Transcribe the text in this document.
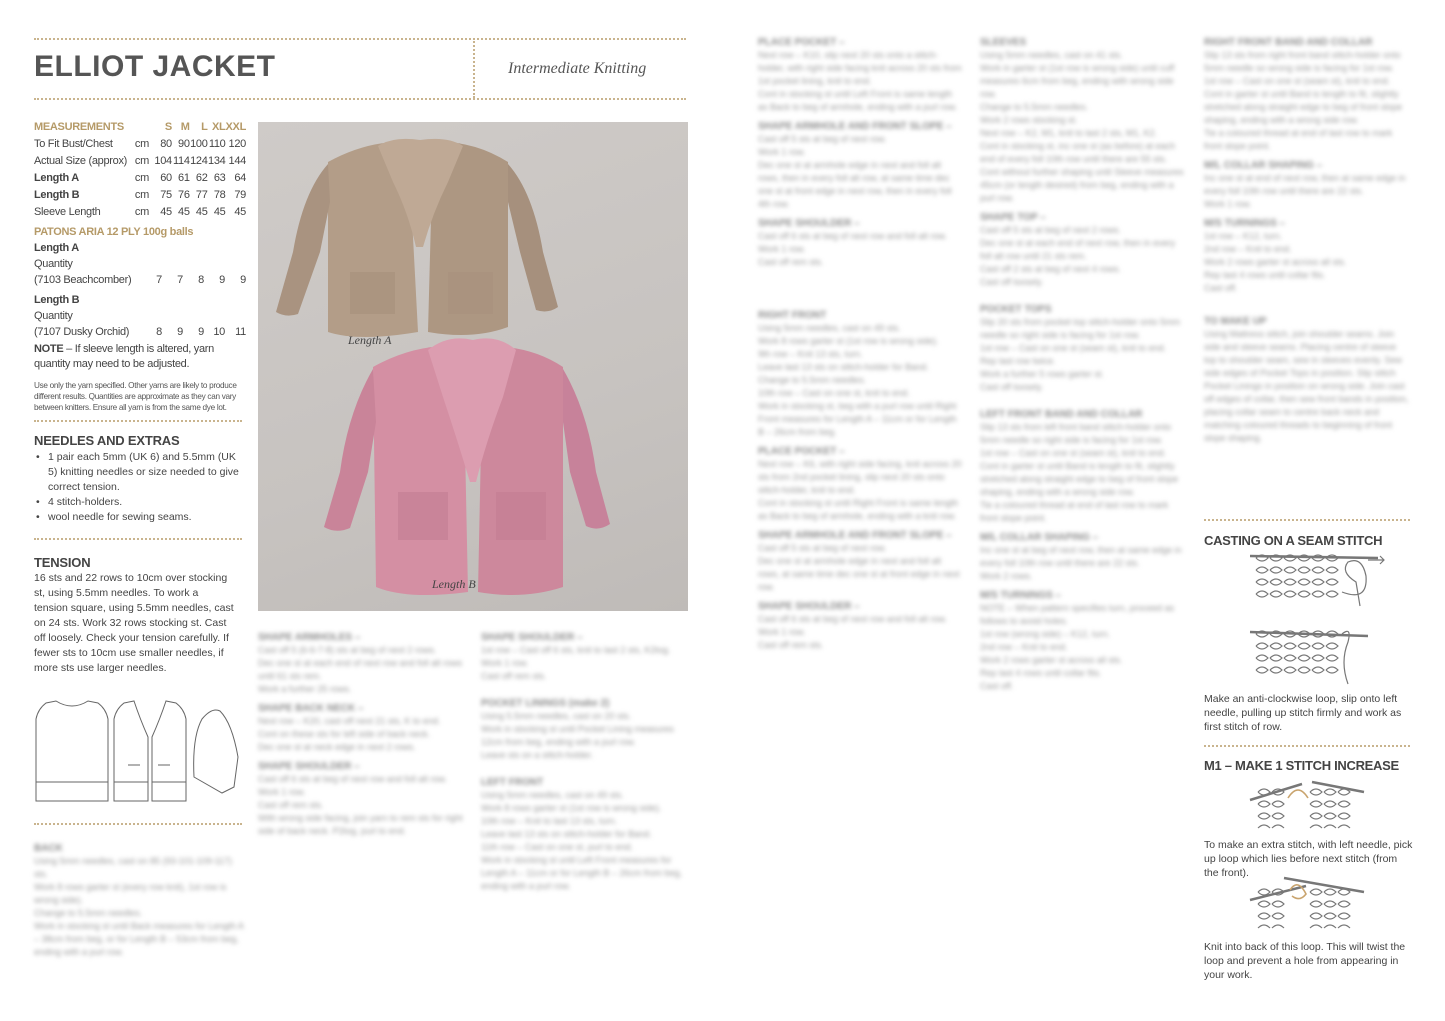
ELLIOT JACKET	Intermediate Knitting
MEASUREMENTS		S	M	L	XL	XXL
To Fit Bust/Chest	cm	80	90	100	110	120
Actual Size (approx)	cm	104	114	124	134	144
Length A	cm	60	61	62	63	64
Length B	cm	75	76	77	78	79
Sleeve Length	cm	45	45	45	45	45
PATONS ARIA 12 PLY 100g balls
Length A
Quantity
(7103 Beachcomber)	7	7	8	9	9
Length B
Quantity
(7107 Dusky Orchid)	8	9	9 10 11
NOTE – If sleeve length is altered, yarn quantity may need to be adjusted.
Use only the yarn specified. Other yarns are likely to produce different results. Quantities are approximate as they can vary between knitters. Ensure all yarn is from the same dye lot.
NEEDLES AND EXTRAS
• 1 pair each 5mm (UK 6) and 5.5mm (UK 5) knitting needles or size needed to give correct tension.
• 4 stitch-holders.
• wool needle for sewing seams.
TENSION
16 sts and 22 rows to 10cm over stocking st, using 5.5mm needles. To work a tension square, using 5.5mm needles, cast on 24 sts. Work 32 rows stocking st. Cast off loosely. Check your tension carefully. If fewer sts to 10cm use smaller needles, if more sts use larger needles.
Length A
Length B
BACK
Using 5mm needles, cast on 85 (93-101-109-117) sts.
Work 8 rows garter st (every row knit), 1st row is wrong side).
Change to 5.5mm needles.
Work in stocking st until Back measures for Length A – 38cm from beg, or for Length B – 53cm from beg, ending with a purl row.
SHAPE ARMHOLES –
Cast off 5 (6-6-7-8) sts at beg of next 2 rows.
Dec one st at each end of next row and foll alt rows until 61 sts rem.
Work a further 25 rows.
SHAPE BACK NECK –
Next row – K20, cast off next 21 sts, K to end.
Cont on these sts for left side of back neck.
Dec one st at neck edge in next 2 rows.
SHAPE SHOULDER –
Cast off 6 sts at beg of next row and foll alt row.
Work 1 row.
Cast off rem sts.
With wrong side facing, join yarn to rem sts for right side of back neck. P2tog, purl to end.
SHAPE SHOULDER –
1st row – Cast off 6 sts, knit to last 2 sts, K2tog.
Work 1 row.
Cast off rem sts.
POCKET LININGS (make 2)
Using 5.5mm needles, cast on 20 sts.
Work in stocking st until Pocket Lining measures 12cm from beg, ending with a purl row.
Leave sts on a stitch-holder.
LEFT FRONT
Using 5mm needles, cast on 49 sts.
Work 8 rows garter st (1st row is wrong side).
10th row – Knit to last 13 sts, turn.
Leave last 13 sts on stitch-holder for Band.
11th row – Cast on one st, purl to end.
Work in stocking st until Left Front measures for Length A – 11cm or for Length B – 26cm from beg, ending with a purl row.
PLACE POCKET –
Next row – K10, slip next 20 sts onto a stitch-holder, with right side facing knit across 20 sts from 1st pocket lining, knit to end.
Cont in stocking st until Left Front is same length as Back to beg of armhole, ending with a purl row.
SHAPE ARMHOLE AND FRONT SLOPE –
Cast off 5 sts at beg of next row.
Work 1 row.
Dec one st at armhole edge in next and foll alt rows, then in every foll alt row, at same time dec one st at front edge in next row, then in every foll 4th row.
SHAPE SHOULDER –
Cast off 6 sts at beg of next row and foll alt row.
Work 1 row.
Cast off rem sts.
RIGHT FRONT
Using 5mm needles, cast on 49 sts.
Work 8 rows garter st (1st row is wrong side).
9th row – Knit 13 sts, turn.
Leave last 13 sts on stitch-holder for Band.
Change to 5.5mm needles.
10th row – Cast on one st, knit to end.
Work in stocking st, beg with a purl row until Right Front measures for Length A – 11cm or for Length B – 26cm from beg.
PLACE POCKET –
Next row – K6, with right side facing, knit across 20 sts from 2nd pocket lining, slip next 20 sts onto stitch-holder, knit to end.
Cont in stocking st until Right Front is same length as Back to beg of armhole, ending with a knit row.
SHAPE ARMHOLE AND FRONT SLOPE –
Cast off 5 sts at beg of next row.
Dec one st at armhole edge in next and foll alt rows, at same time dec one st at front edge in next row.
SHAPE SHOULDER –
Cast off 6 sts at beg of next row and foll alt row.
Work 1 row.
Cast off rem sts.
SLEEVES
Using 5mm needles, cast on 41 sts.
Work in garter st (1st row is wrong side) until cuff measures 6cm from beg, ending with wrong side row.
Change to 5.5mm needles.
Work 2 rows stocking st.
Next row – K2, M1, knit to last 2 sts, M1, K2.
Cont in stocking st, inc one st (as before) at each end of every foll 10th row until there are 55 sts.
Cont without further shaping until Sleeve measures 45cm (or length desired) from beg, ending with a purl row.
SHAPE TOP –
Cast off 5 sts at beg of next 2 rows.
Dec one st at each end of next row, then in every foll alt row until 21 sts rem.
Cast off 2 sts at beg of next 4 rows.
Cast off loosely.
POCKET TOPS
Slip 20 sts from pocket top stitch-holder onto 5mm needle so right side is facing for 1st row.
1st row – Cast on one st (seam st), knit to end.
Rep last row twice.
Work a further 5 rows garter st.
Cast off loosely.
LEFT FRONT BAND AND COLLAR
Slip 13 sts from left front band stitch-holder onto 5mm needle so right side is facing for 1st row.
1st row – Cast on one st (seam st), knit to end.
Cont in garter st until Band is length to fit, slightly stretched along straight edge to beg of front slope shaping, ending with a wrong side row.
Tie a coloured thread at end of last row to mark front slope point.
M/L COLLAR SHAPING –
Inc one st at beg of next row, then at same edge in every foll 10th row until there are 22 sts.
Work 2 rows.
M/S TURNINGS –
NOTE – When pattern specifies turn, proceed as follows to avoid holes.
1st row (wrong side) – K12, turn.
2nd row – Knit to end.
Work 2 rows garter st across all sts.
Rep last 4 rows until collar fits.
Cast off.
RIGHT FRONT BAND AND COLLAR
Slip 13 sts from right front band stitch-holder onto 5mm needle so wrong side is facing for 1st row.
1st row – Cast on one st (seam st), knit to end.
Cont in garter st until Band is length to fit, slightly stretched along straight edge to beg of front slope shaping, ending with a wrong side row.
Tie a coloured thread at end of last row to mark front slope point.
M/L COLLAR SHAPING –
Inc one st at end of next row, then at same edge in every foll 10th row until there are 22 sts.
Work 1 row.
M/S TURNINGS –
1st row – K12, turn.
2nd row – Knit to end.
Work 2 rows garter st across all sts.
Rep last 4 rows until collar fits.
Cast off.
TO MAKE UP
Using Mattress stitch, join shoulder seams. Join side and sleeve seams. Placing centre of sleeve top to shoulder seam, sew in sleeves evenly. Sew side edges of Pocket Tops in position. Slip stitch Pocket Linings in position on wrong side. Join cast off edges of collar, then sew front bands in position, placing collar seam to centre back neck and matching coloured threads to beginning of front slope shaping.
CASTING ON A SEAM STITCH
Make an anti-clockwise loop, slip onto left needle, pulling up stitch firmly and work as first stitch of row.
M1 – MAKE 1 STITCH INCREASE
To make an extra stitch, with left needle, pick up loop which lies before next stitch (from the front).
Knit into back of this loop. This will twist the loop and prevent a hole from appearing in your work.
